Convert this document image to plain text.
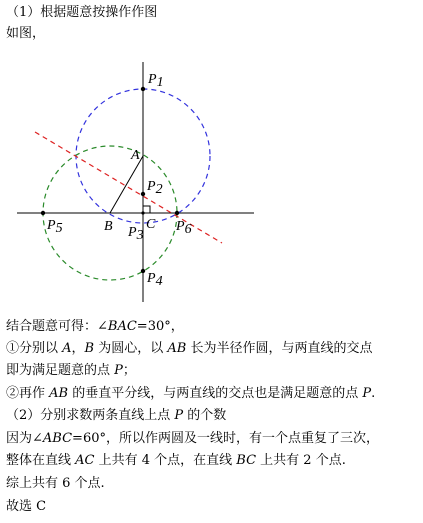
（1）根据题意按操作作图
如图，
P1
A
P2
B C
P3
P5	P6
P4
结合题意可得：∠BAC=30°，
①分别以 A，B 为圆心，以 AB 长为半径作圆，与两直线的交点
即为满足题意的点 P；
②再作 AB 的垂直平分线，与两直线的交点也是满足题意的点 P.
（2）分别求数两条直线上点 P 的个数
因为∠ABC=60°，所以作两圆及一线时，有一个点重复了三次，
整体在直线 AC 上共有 4 个点，在直线 BC 上共有 2 个点.
综上共有 6 个点.
故选 C
